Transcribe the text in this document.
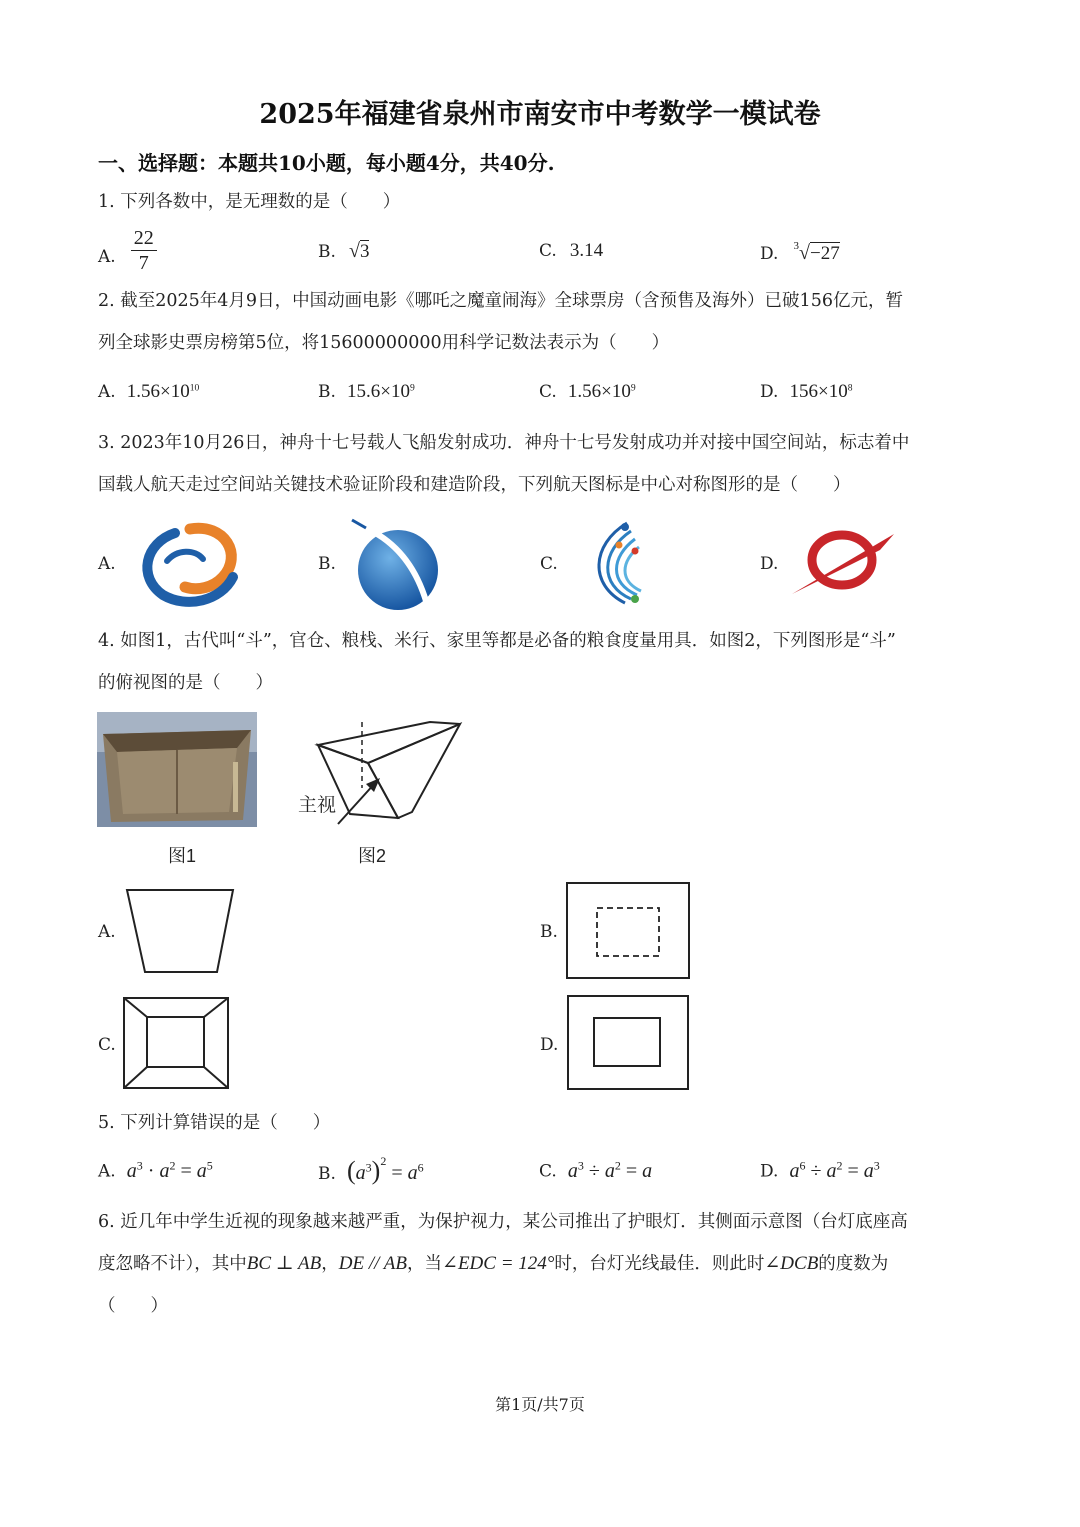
2025年福建省泉州市南安市中考数学一模试卷
一、选择题：本题共10小题，每小题4分，共40分.
1. 下列各数中，是无理数的是（　　）
A. $\frac{22}{7}$	B. √3	C. 3.14	D. $^3$√−27
2. 截至2025年4月9日，中国动画电影《哪吒之魔童闹海》全球票房（含预售及海外）已破156亿元，暂
列全球影史票房榜第5位，将15600000000用科学记数法表示为（　　）
A. $1.56\times 10^{10}$	B. $15.6\times 10^9$	C. $1.56\times 10^9$	D. $156\times 10^8$
3. 2023年10月26日，神舟十七号载人飞船发射成功．神舟十七号发射成功并对接中国空间站，标志着中
国载人航天走过空间站关键技术验证阶段和建造阶段，下列航天图标是中心对称图形的是（　　）
A.	B.	C.	D.
4. 如图1，古代叫“斗”，官仓、粮栈、米行、家里等都是必备的粮食度量用具．如图2，下列图形是“斗”
的俯视图的是（　　）
图1
主视
图2
A.	B.
C.	D.
5. 下列计算错误的是（　　）
A. $a^3 \cdot a^2 = a^5$	B. $(a^3)^2 = a^6$	C. $a^3 \div a^2 = a$	D. $a^6 \div a^2 = a^3$
6. 近几年中学生近视的现象越来越严重，为保护视力，某公司推出了护眼灯．其侧面示意图（台灯底座高
度忽略不计），其中BC ⊥ AB，DE // AB，当∠EDC = 124°时，台灯光线最佳．则此时∠DCB的度数为
（　　）
第1页/共7页
